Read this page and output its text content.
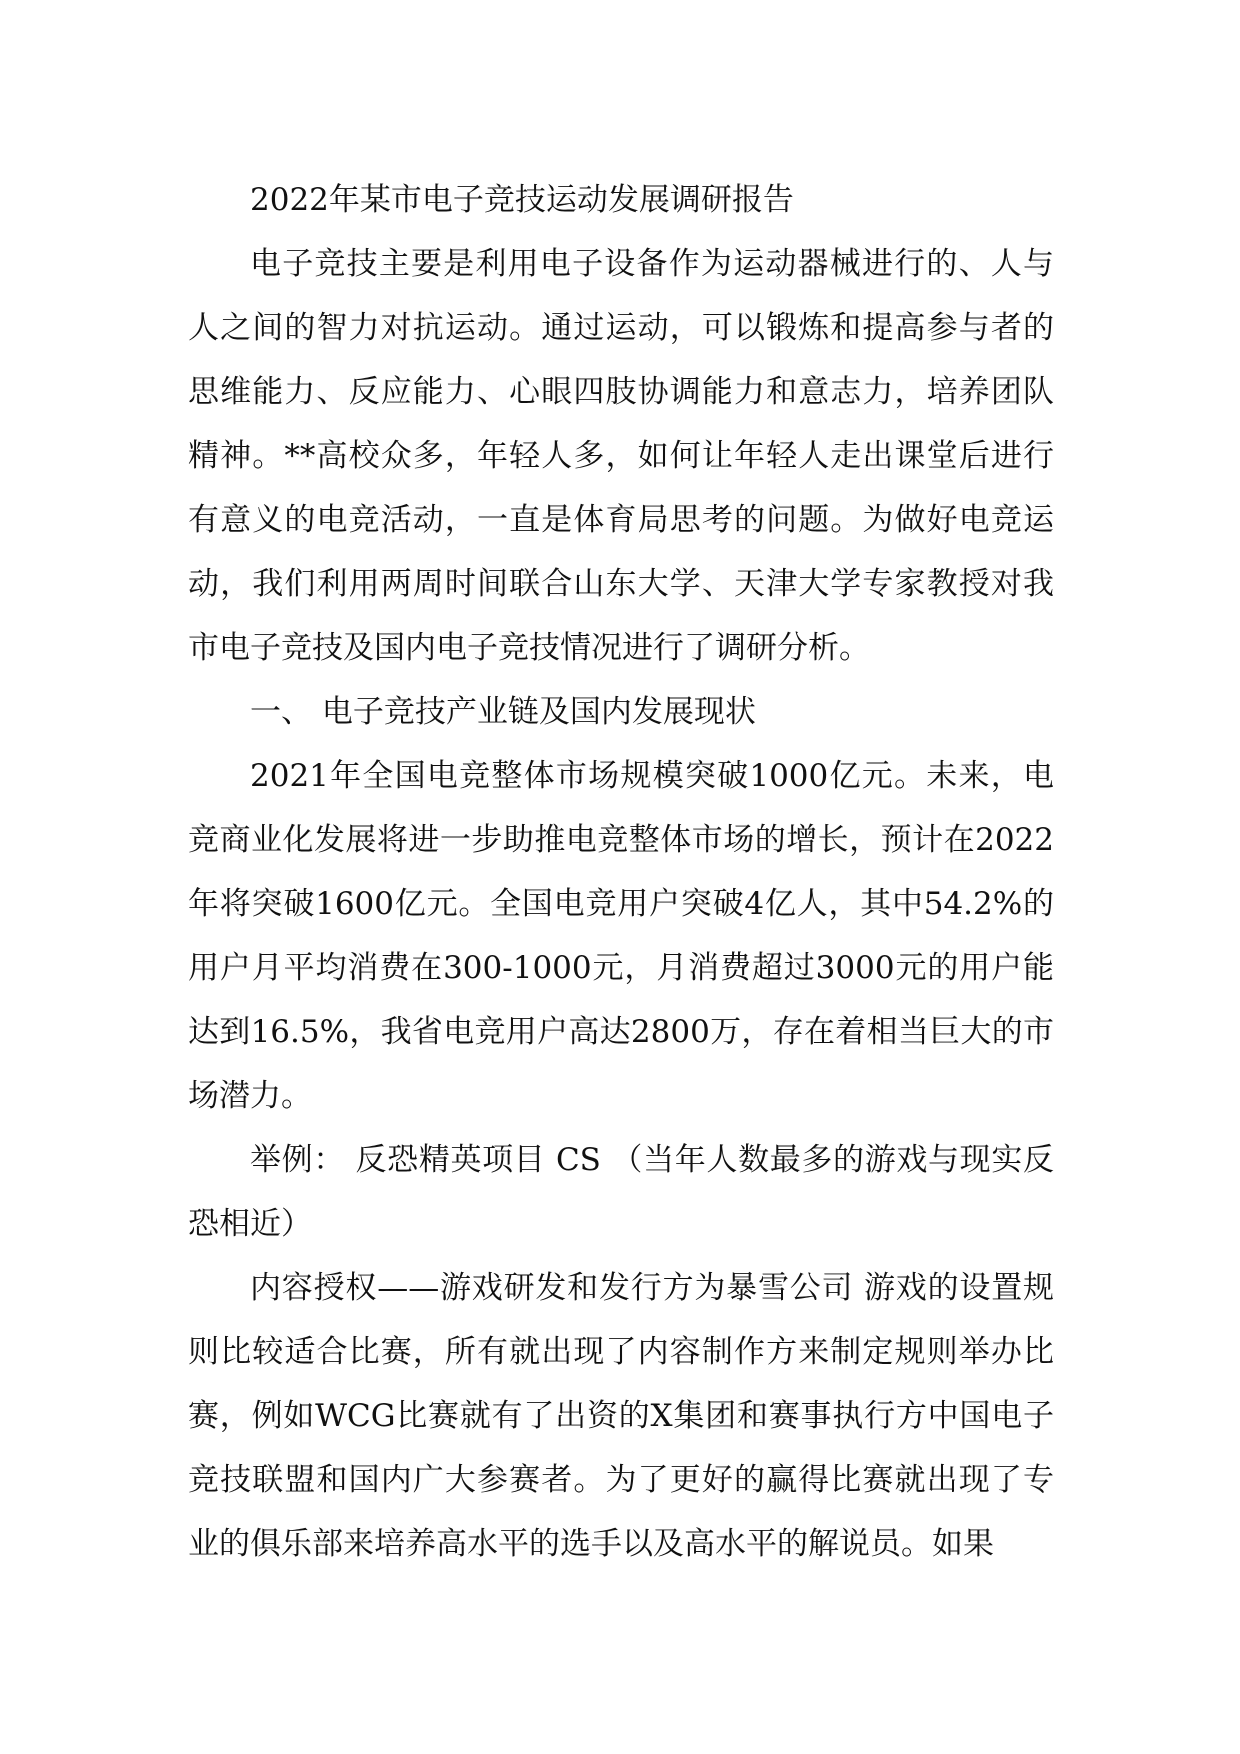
2022年某市电子竞技运动发展调研报告

电子竞技主要是利用电子设备作为运动器械进行的、人与人之间的智力对抗运动。通过运动，可以锻炼和提高参与者的思维能力、反应能力、心眼四肢协调能力和意志力，培养团队精神。**高校众多，年轻人多，如何让年轻人走出课堂后进行有意义的电竞活动，一直是体育局思考的问题。为做好电竞运动，我们利用两周时间联合山东大学、天津大学专家教授对我市电子竞技及国内电子竞技情况进行了调研分析。

一、 电子竞技产业链及国内发展现状

2021年全国电竞整体市场规模突破1000亿元。未来，电竞商业化发展将进一步助推电竞整体市场的增长，预计在2022年将突破1600亿元。全国电竞用户突破4亿人，其中54.2%的用户月平均消费在300-1000元，月消费超过3000元的用户能达到16.5%，我省电竞用户高达2800万，存在着相当巨大的市场潜力。

举例： 反恐精英项目 CS （当年人数最多的游戏与现实反恐相近）

内容授权——游戏研发和发行方为暴雪公司 游戏的设置规则比较适合比赛，所有就出现了内容制作方来制定规则举办比赛，例如WCG比赛就有了出资的X集团和赛事执行方中国电子竞技联盟和国内广大参赛者。为了更好的赢得比赛就出现了专业的俱乐部来培养高水平的选手以及高水平的解说员。如果
